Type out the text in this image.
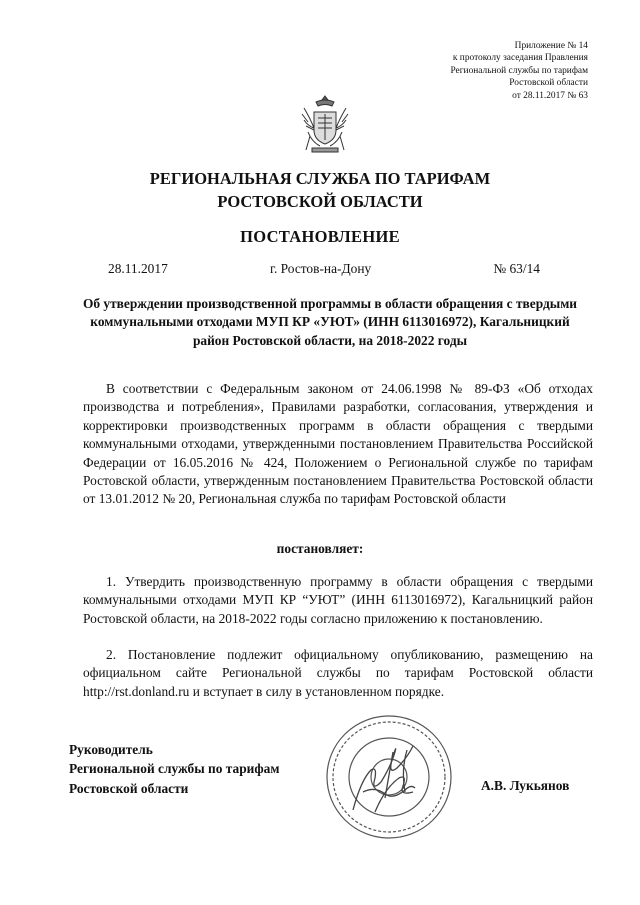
Приложение № 14
к протоколу заседания Правления
Региональной службы по тарифам
Ростовской области
от 28.11.2017 № 63
РЕГИОНАЛЬНАЯ СЛУЖБА ПО ТАРИФАМ
РОСТОВСКОЙ ОБЛАСТИ
ПОСТАНОВЛЕНИЕ
28.11.2017	г. Ростов-на-Дону	№ 63/14
Об утверждении производственной программы в области обращения с твердыми коммунальными отходами МУП КР «УЮТ» (ИНН 6113016972), Кагальницкий район Ростовской области, на 2018-2022 годы
В соответствии с Федеральным законом от 24.06.1998 № 89-ФЗ «Об отходах производства и потребления», Правилами разработки, согласования, утверждения и корректировки производственных программ в области обращения с твердыми коммунальными отходами, утвержденными постановлением Правительства Российской Федерации от 16.05.2016 № 424, Положением о Региональной службе по тарифам Ростовской области, утвержденным постановлением Правительства Ростовской области от 13.01.2012 № 20, Региональная служба по тарифам Ростовской области
постановляет:
1. Утвердить производственную программу в области обращения с твердыми коммунальными отходами МУП КР “УЮТ” (ИНН 6113016972), Кагальницкий район Ростовской области, на 2018-2022 годы согласно приложению к постановлению.
2. Постановление подлежит официальному опубликованию, размещению на официальном сайте Региональной службы по тарифам Ростовской области http://rst.donland.ru и вступает в силу в установленном порядке.
Руководитель
Региональной службы по тарифам
Ростовской области	А.В. Лукьянов
